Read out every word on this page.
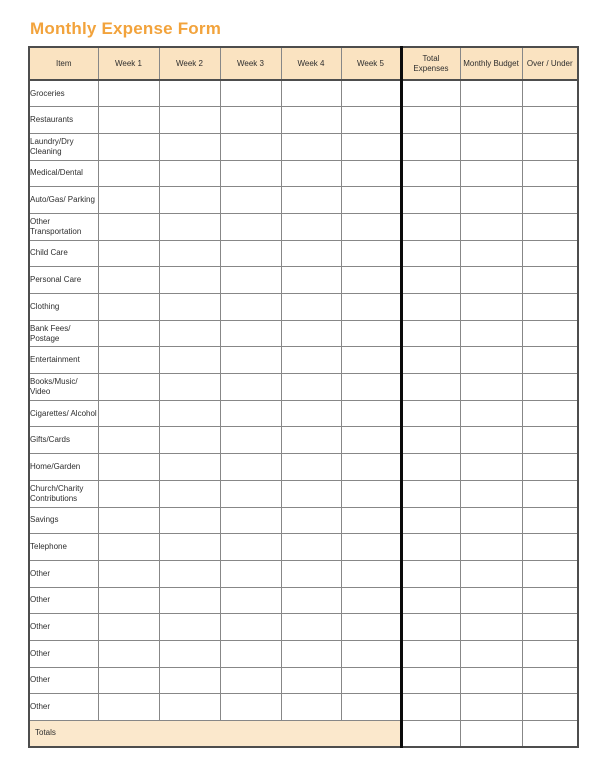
Monthly Expense Form
Item	Week 1	Week 2	Week 3	Week 4	Week 5	Total Expenses	Monthly Budget	Over / Under
Groceries								
Restaurants								
Laundry/Dry Cleaning								
Medical/Dental								
Auto/Gas/ Parking								
Other Transportation								
Child Care								
Personal Care								
Clothing								
Bank Fees/ Postage								
Entertainment								
Books/Music/ Video								
Cigarettes/ Alcohol								
Gifts/Cards								
Home/Garden								
Church/Charity Contributions								
Savings								
Telephone								
Other								
Other								
Other								
Other								
Other								
Other								
Totals								
